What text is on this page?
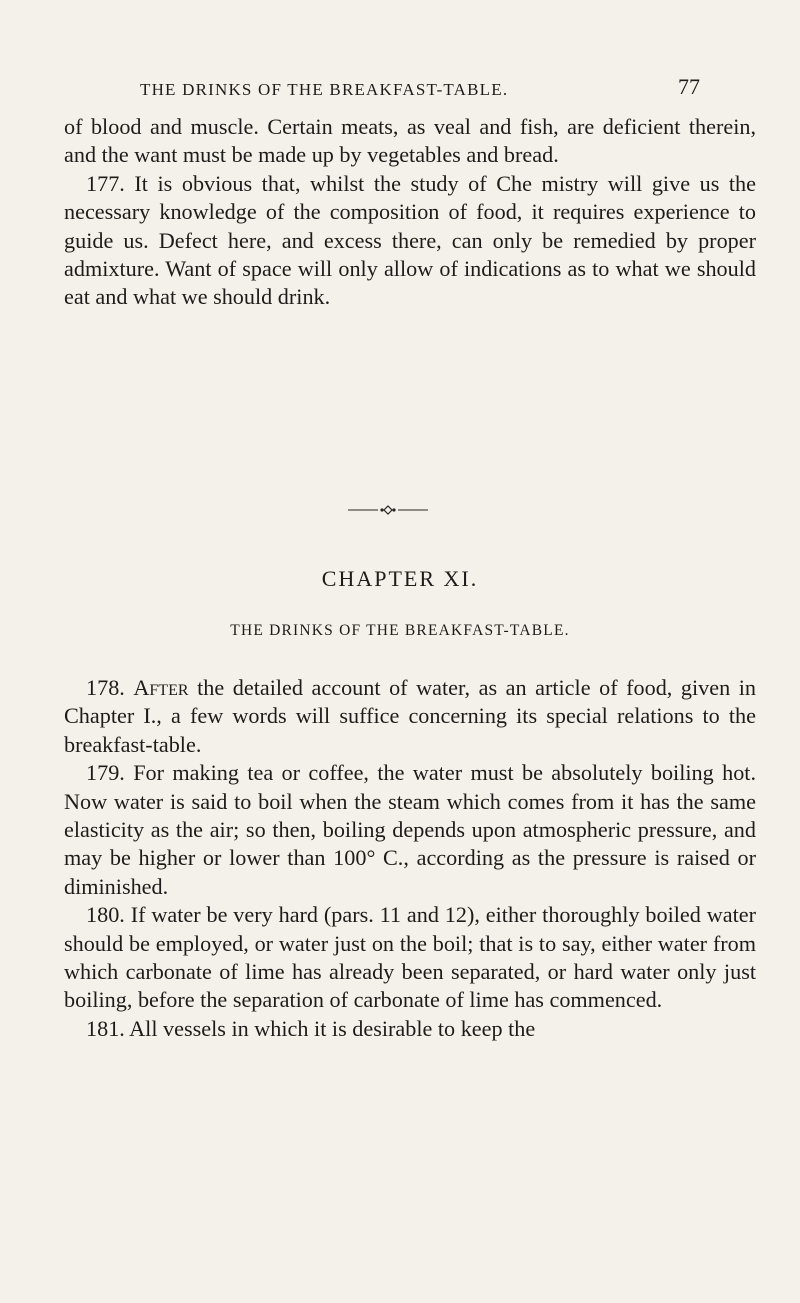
THE DRINKS OF THE BREAKFAST-TABLE.	77

of blood and muscle. Certain meats, as veal and fish, are deficient therein, and the want must be made up by vegetables and bread.

177. It is obvious that, whilst the study of Che mistry will give us the necessary knowledge of the composition of food, it requires experience to guide us. Defect here, and excess there, can only be remedied by proper admixture. Want of space will only allow of indications as to what we should eat and what we should drink.

CHAPTER XI.
THE DRINKS OF THE BREAKFAST-TABLE.

178. After the detailed account of water, as an article of food, given in Chapter I., a few words will suffice concerning its special relations to the breakfast-table.

179. For making tea or coffee, the water must be absolutely boiling hot. Now water is said to boil when the steam which comes from it has the same elasticity as the air; so then, boiling depends upon atmospheric pressure, and may be higher or lower than 100° C., according as the pressure is raised or diminished.

180. If water be very hard (pars. 11 and 12), either thoroughly boiled water should be employed, or water just on the boil; that is to say, either water from which carbonate of lime has already been separated, or hard water only just boiling, before the separation of carbonate of lime has commenced.

181. All vessels in which it is desirable to keep the
